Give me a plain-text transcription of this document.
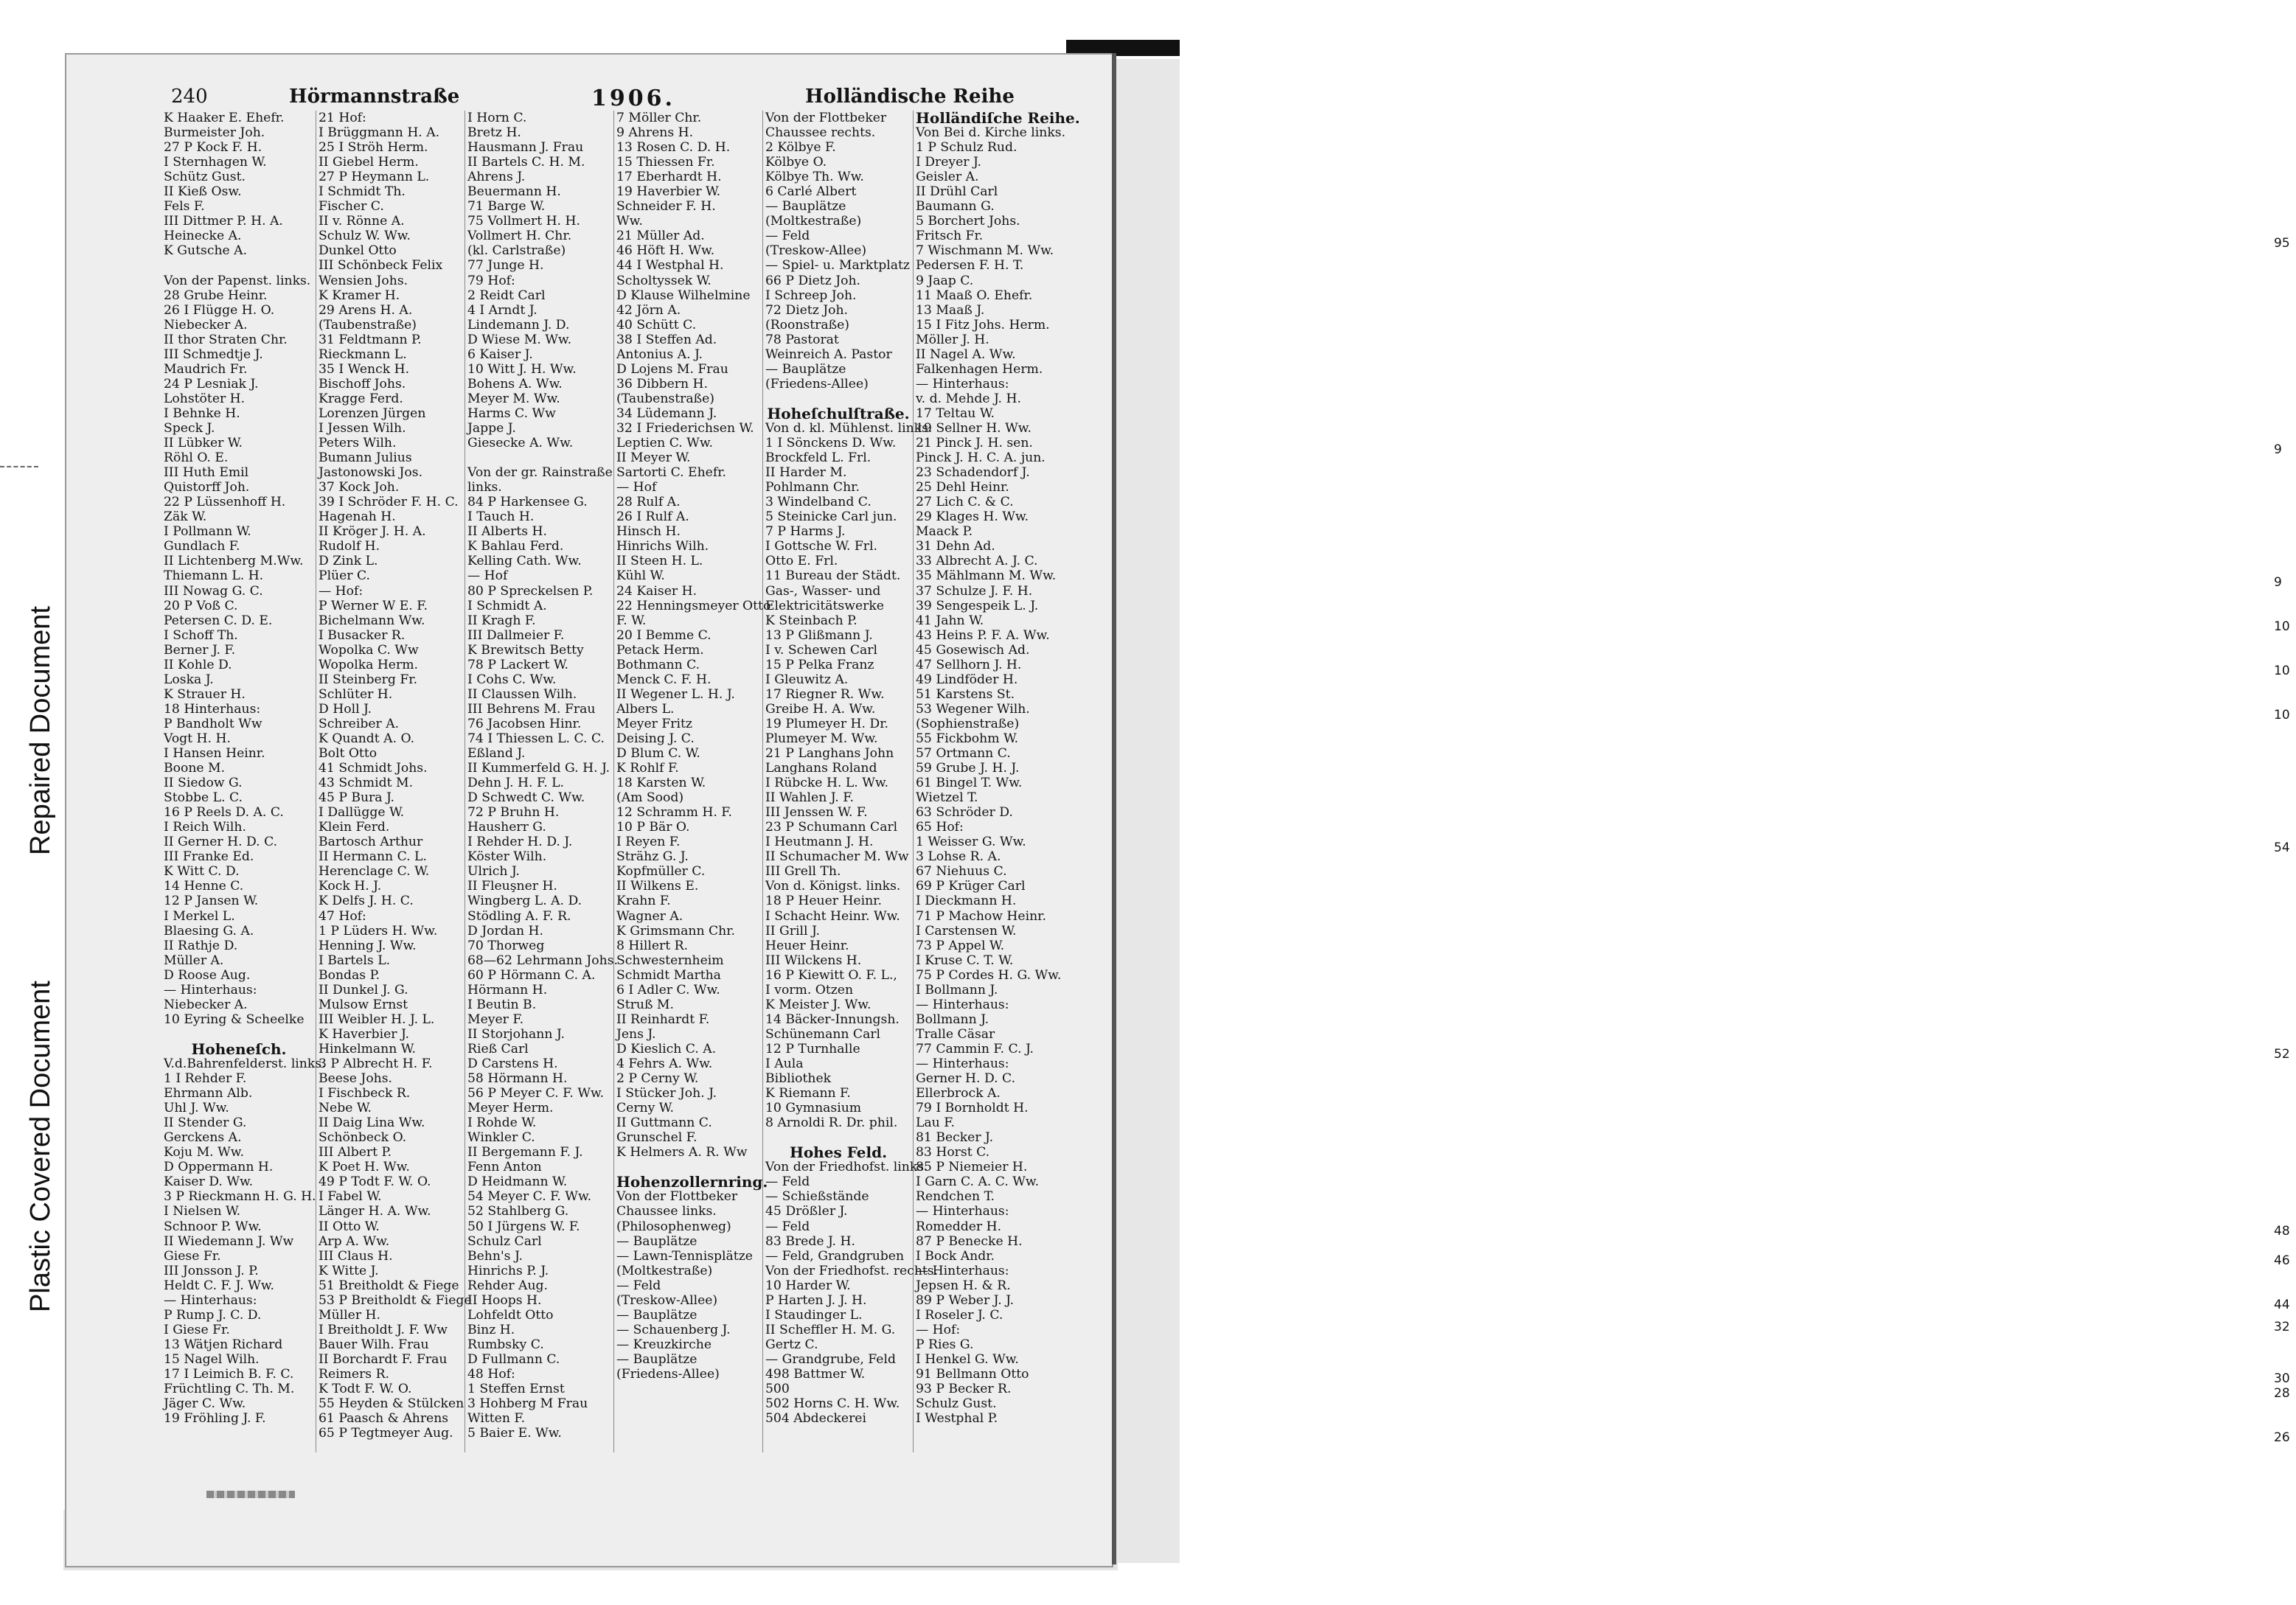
Plastic Covered Document
Repaired Document
95
9
9
10
10
10
54
52
48
46
44
32
30
28
26
240	Hörmannstraße	1906.	Holländische Reihe
K Haaker E. Ehefr.
Burmeister Joh.
27 P Kock F. H.
I Sternhagen W.
Schütz Gust.
II Kieß Osw.
Fels F.
III Dittmer P. H. A.
Heinecke A.
K Gutsche A.
Von der Papenst. links.
28 Grube Heinr.
26 I Flügge H. O.
Niebecker A.
II thor Straten Chr.
III Schmedtje J.
Maudrich Fr.
24 P Lesniak J.
Lohstöter H.
I Behnke H.
Speck J.
II Lübker W.
Röhl O. E.
III Huth Emil
Quistorff Joh.
22 P Lüssenhoff H.
Zäk W.
I Pollmann W.
Gundlach F.
II Lichtenberg M.Ww.
Thiemann L. H.
III Nowag G. C.
20 P Voß C.
Petersen C. D. E.
I Schoff Th.
Berner J. F.
II Kohle D.
Loska J.
K Strauer H.
18 Hinterhaus:
P Bandholt Ww
Vogt H. H.
I Hansen Heinr.
Boone M.
II Siedow G.
Stobbe L. C.
16 P Reels D. A. C.
I Reich Wilh.
II Gerner H. D. C.
III Franke Ed.
K Witt C. D.
14 Henne C.
12 P Jansen W.
I Merkel L.
Blaesing G. A.
II Rathje D.
Müller A.
D Roose Aug.
— Hinterhaus:
Niebecker A.
10 Eyring & Scheelke
Hoheneſch.
V.d.Bahrenfelderst. links.
1 I Rehder F.
Ehrmann Alb.
Uhl J. Ww.
II Stender G.
Gerckens A.
Koju M. Ww.
D Oppermann H.
Kaiser D. Ww.
3 P Rieckmann H. G. H.
I Nielsen W.
Schnoor P. Ww.
II Wiedemann J. Ww
Giese Fr.
III Jonsson J. P.
Heldt C. F. J. Ww.
— Hinterhaus:
P Rump J. C. D.
I Giese Fr.
13 Wätjen Richard
15 Nagel Wilh.
17 I Leimich B. F. C.
Früchtling C. Th. M.
Jäger C. Ww.
19 Fröhling J. F.
21 Hof:
I Brüggmann H. A.
25 I Ströh Herm.
II Giebel Herm.
27 P Heymann L.
I Schmidt Th.
Fischer C.
II v. Rönne A.
Schulz W. Ww.
Dunkel Otto
III Schönbeck Felix
Wensien Johs.
K Kramer H.
29 Arens H. A.
(Taubenstraße)
31 Feldtmann P.
Rieckmann L.
35 I Wenck H.
Bischoff Johs.
Kragge Ferd.
Lorenzen Jürgen
I Jessen Wilh.
Peters Wilh.
Bumann Julius
Jastonowski Jos.
37 Kock Joh.
39 I Schröder F. H. C.
Hagenah H.
II Kröger J. H. A.
Rudolf H.
D Zink L.
Plüer C.
— Hof:
P Werner W E. F.
Bichelmann Ww.
I Busacker R.
Wopolka C. Ww
Wopolka Herm.
II Steinberg Fr.
Schlüter H.
D Holl J.
Schreiber A.
K Quandt A. O.
Bolt Otto
41 Schmidt Johs.
43 Schmidt M.
45 P Bura J.
I Dallügge W.
Klein Ferd.
Bartosch Arthur
II Hermann C. L.
Herenclage C. W.
Kock H. J.
K Delfs J. H. C.
47 Hof:
1 P Lüders H. Ww.
Henning J. Ww.
I Bartels L.
Bondas P.
II Dunkel J. G.
Mulsow Ernst
III Weibler H. J. L.
K Haverbier J.
Hinkelmann W.
3 P Albrecht H. F.
Beese Johs.
I Fischbeck R.
Nebe W.
II Daig Lina Ww.
Schönbeck O.
III Albert P.
K Poet H. Ww.
49 P Todt F. W. O.
I Fabel W.
Länger H. A. Ww.
II Otto W.
Arp A. Ww.
III Claus H.
K Witte J.
51 Breitholdt & Fiege
53 P Breitholdt & Fiege
Müller H.
I Breitholdt J. F. Ww
Bauer Wilh. Frau
II Borchardt F. Frau
Reimers R.
K Todt F. W. O.
55 Heyden & Stülcken
61 Paasch & Ahrens
65 P Tegtmeyer Aug.
I Horn C.
Bretz H.
Hausmann J. Frau
II Bartels C. H. M.
Ahrens J.
Beuermann H.
71 Barge W.
75 Vollmert H. H.
Vollmert H. Chr.
(kl. Carlstraße)
77 Junge H.
79 Hof:
2 Reidt Carl
4 I Arndt J.
Lindemann J. D.
D Wiese M. Ww.
6 Kaiser J.
10 Witt J. H. Ww.
Bohens A. Ww.
Meyer M. Ww.
Harms C. Ww
Jappe J.
Giesecke A. Ww.
Von der gr. Rainstraße
links.
84 P Harkensee G.
I Tauch H.
II Alberts H.
K Bahlau Ferd.
Kelling Cath. Ww.
— Hof
80 P Spreckelsen P.
I Schmidt A.
II Kragh F.
III Dallmeier F.
K Brewitsch Betty
78 P Lackert W.
I Cohs C. Ww.
II Claussen Wilh.
III Behrens M. Frau
76 Jacobsen Hinr.
74 I Thiessen L. C. C.
Eßland J.
II Kummerfeld G. H. J.
Dehn J. H. F. L.
D Schwedt C. Ww.
72 P Bruhn H.
Hausherr G.
I Rehder H. D. J.
Köster Wilh.
Ulrich J.
II Fleuşner H.
Wingberg L. A. D.
Stödling A. F. R.
D Jordan H.
70 Thorweg
68—62 Lehrmann Johs.
60 P Hörmann C. A.
Hörmann H.
I Beutin B.
Meyer F.
II Storjohann J.
Rieß Carl
D Carstens H.
58 Hörmann H.
56 P Meyer C. F. Ww.
Meyer Herm.
I Rohde W.
Winkler C.
II Bergemann F. J.
Fenn Anton
D Heidmann W.
54 Meyer C. F. Ww.
52 Stahlberg G.
50 I Jürgens W. F.
Schulz Carl
Behn's J.
Hinrichs P. J.
Rehder Aug.
II Hoops H.
Lohfeldt Otto
Binz H.
Rumbsky C.
D Fullmann C.
48 Hof:
1 Steffen Ernst
3 Hohberg M Frau
Witten F.
5 Baier E. Ww.
7 Möller Chr.
9 Ahrens H.
13 Rosen C. D. H.
15 Thiessen Fr.
17 Eberhardt H.
19 Haverbier W.
Schneider F. H.
Ww.
21 Müller Ad.
46 Höft H. Ww.
44 I Westphal H.
Scholtyssek W.
D Klause Wilhelmine
42 Jörn A.
40 Schütt C.
38 I Steffen Ad.
Antonius A. J.
D Lojens M. Frau
36 Dibbern H.
(Taubenstraße)
34 Lüdemann J.
32 I Friederichsen W.
Leptien C. Ww.
II Meyer W.
Sartorti C. Ehefr.
— Hof
28 Rulf A.
26 I Rulf A.
Hinsch H.
Hinrichs Wilh.
II Steen H. L.
Kühl W.
24 Kaiser H.
22 Henningsmeyer Otto
F. W.
20 I Bemme C.
Petack Herm.
Bothmann C.
Menck C. F. H.
II Wegener L. H. J.
Albers L.
Meyer Fritz
Deising J. C.
D Blum C. W.
K Rohlf F.
18 Karsten W.
(Am Sood)
12 Schramm H. F.
10 P Bär O.
I Reyen F.
Strähz G. J.
Kopfmüller C.
II Wilkens E.
Krahn F.
Wagner A.
K Grimsmann Chr.
8 Hillert R.
Schwesternheim
Schmidt Martha
6 I Adler C. Ww.
Struß M.
II Reinhardt F.
Jens J.
D Kieslich C. A.
4 Fehrs A. Ww.
2 P Cerny W.
I Stücker Joh. J.
Cerny W.
II Guttmann C.
Grunschel F.
K Helmers A. R. Ww
Hohenzollernring.
Von der Flottbeker
Chaussee links.
(Philosophenweg)
— Bauplätze
— Lawn-Tennisplätze
(Moltkestraße)
— Feld
(Treskow-Allee)
— Bauplätze
— Schauenberg J.
— Kreuzkirche
— Bauplätze
(Friedens-Allee)
Von der Flottbeker
Chaussee rechts.
2 Kölbye F.
Kölbye O.
Kölbye Th. Ww.
6 Carlé Albert
— Bauplätze
(Moltkestraße)
— Feld
(Treskow-Allee)
— Spiel- u. Marktplatz
66 P Dietz Joh.
I Schreep Joh.
72 Dietz Joh.
(Roonstraße)
78 Pastorat
Weinreich A. Pastor
— Bauplätze
(Friedens-Allee)
Hoheſchulſtraße.
Von d. kl. Mühlenst. links.
1 I Sönckens D. Ww.
Brockfeld L. Frl.
II Harder M.
Pohlmann Chr.
3 Windelband C.
5 Steinicke Carl jun.
7 P Harms J.
I Gottsche W. Frl.
Otto E. Frl.
11 Bureau der Städt.
Gas-, Wasser- und
Elektricitätswerke
K Steinbach P.
13 P Glißmann J.
I v. Schewen Carl
15 P Pelka Franz
I Gleuwitz A.
17 Riegner R. Ww.
Greibe H. A. Ww.
19 Plumeyer H. Dr.
Plumeyer M. Ww.
21 P Langhans John
Langhans Roland
I Rübcke H. L. Ww.
II Wahlen J. F.
III Jenssen W. F.
23 P Schumann Carl
I Heutmann J. H.
II Schumacher M. Ww
III Grell Th.
Von d. Königst. links.
18 P Heuer Heinr.
I Schacht Heinr. Ww.
II Grill J.
Heuer Heinr.
III Wilckens H.
16 P Kiewitt O. F. L.,
I vorm. Otzen
K Meister J. Ww.
14 Bäcker-Innungsh.
Schünemann Carl
12 P Turnhalle
I Aula
Bibliothek
K Riemann F.
10 Gymnasium
8 Arnoldi R. Dr. phil.
Hohes Feld.
Von der Friedhofst. links.
— Feld
— Schießstände
45 Drößler J.
— Feld
83 Brede J. H.
— Feld, Grandgruben
Von der Friedhofst. rechts.
10 Harder W.
P Harten J. J. H.
I Staudinger L.
II Scheffler H. M. G.
Gertz C.
— Grandgrube, Feld
498 Battmer W.
500
502 Horns C. H. Ww.
504 Abdeckerei
Holländiſche Reihe.
Von Bei d. Kirche links.
1 P Schulz Rud.
I Dreyer J.
Geisler A.
II Drühl Carl
Baumann G.
5 Borchert Johs.
Fritsch Fr.
7 Wischmann M. Ww.
Pedersen F. H. T.
9 Jaap C.
11 Maaß O. Ehefr.
13 Maaß J.
15 I Fitz Johs. Herm.
Möller J. H.
II Nagel A. Ww.
Falkenhagen Herm.
— Hinterhaus:
v. d. Mehde J. H.
17 Teltau W.
19 Sellner H. Ww.
21 Pinck J. H. sen.
Pinck J. H. C. A. jun.
23 Schadendorf J.
25 Dehl Heinr.
27 Lich C. & C.
29 Klages H. Ww.
Maack P.
31 Dehn Ad.
33 Albrecht A. J. C.
35 Mählmann M. Ww.
37 Schulze J. F. H.
39 Sengespeik L. J.
41 Jahn W.
43 Heins P. F. A. Ww.
45 Gosewisch Ad.
47 Sellhorn J. H.
49 Lindföder H.
51 Karstens St.
53 Wegener Wilh.
(Sophienstraße)
55 Fickbohm W.
57 Ortmann C.
59 Grube J. H. J.
61 Bingel T. Ww.
Wietzel T.
63 Schröder D.
65 Hof:
1 Weisser G. Ww.
3 Lohse R. A.
67 Niehuus C.
69 P Krüger Carl
I Dieckmann H.
71 P Machow Heinr.
I Carstensen W.
73 P Appel W.
I Kruse C. T. W.
75 P Cordes H. G. Ww.
I Bollmann J.
— Hinterhaus:
Bollmann J.
Tralle Cäsar
77 Cammin F. C. J.
— Hinterhaus:
Gerner H. D. C.
Ellerbrock A.
79 I Bornholdt H.
Lau F.
81 Becker J.
83 Horst C.
85 P Niemeier H.
I Garn C. A. C. Ww.
Rendchen T.
— Hinterhaus:
Romedder H.
87 P Benecke H.
I Bock Andr.
— Hinterhaus:
Jepsen H. & R.
89 P Weber J. J.
I Roseler J. C.
— Hof:
P Ries G.
I Henkel G. Ww.
91 Bellmann Otto
93 P Becker R.
Schulz Gust.
I Westphal P.
